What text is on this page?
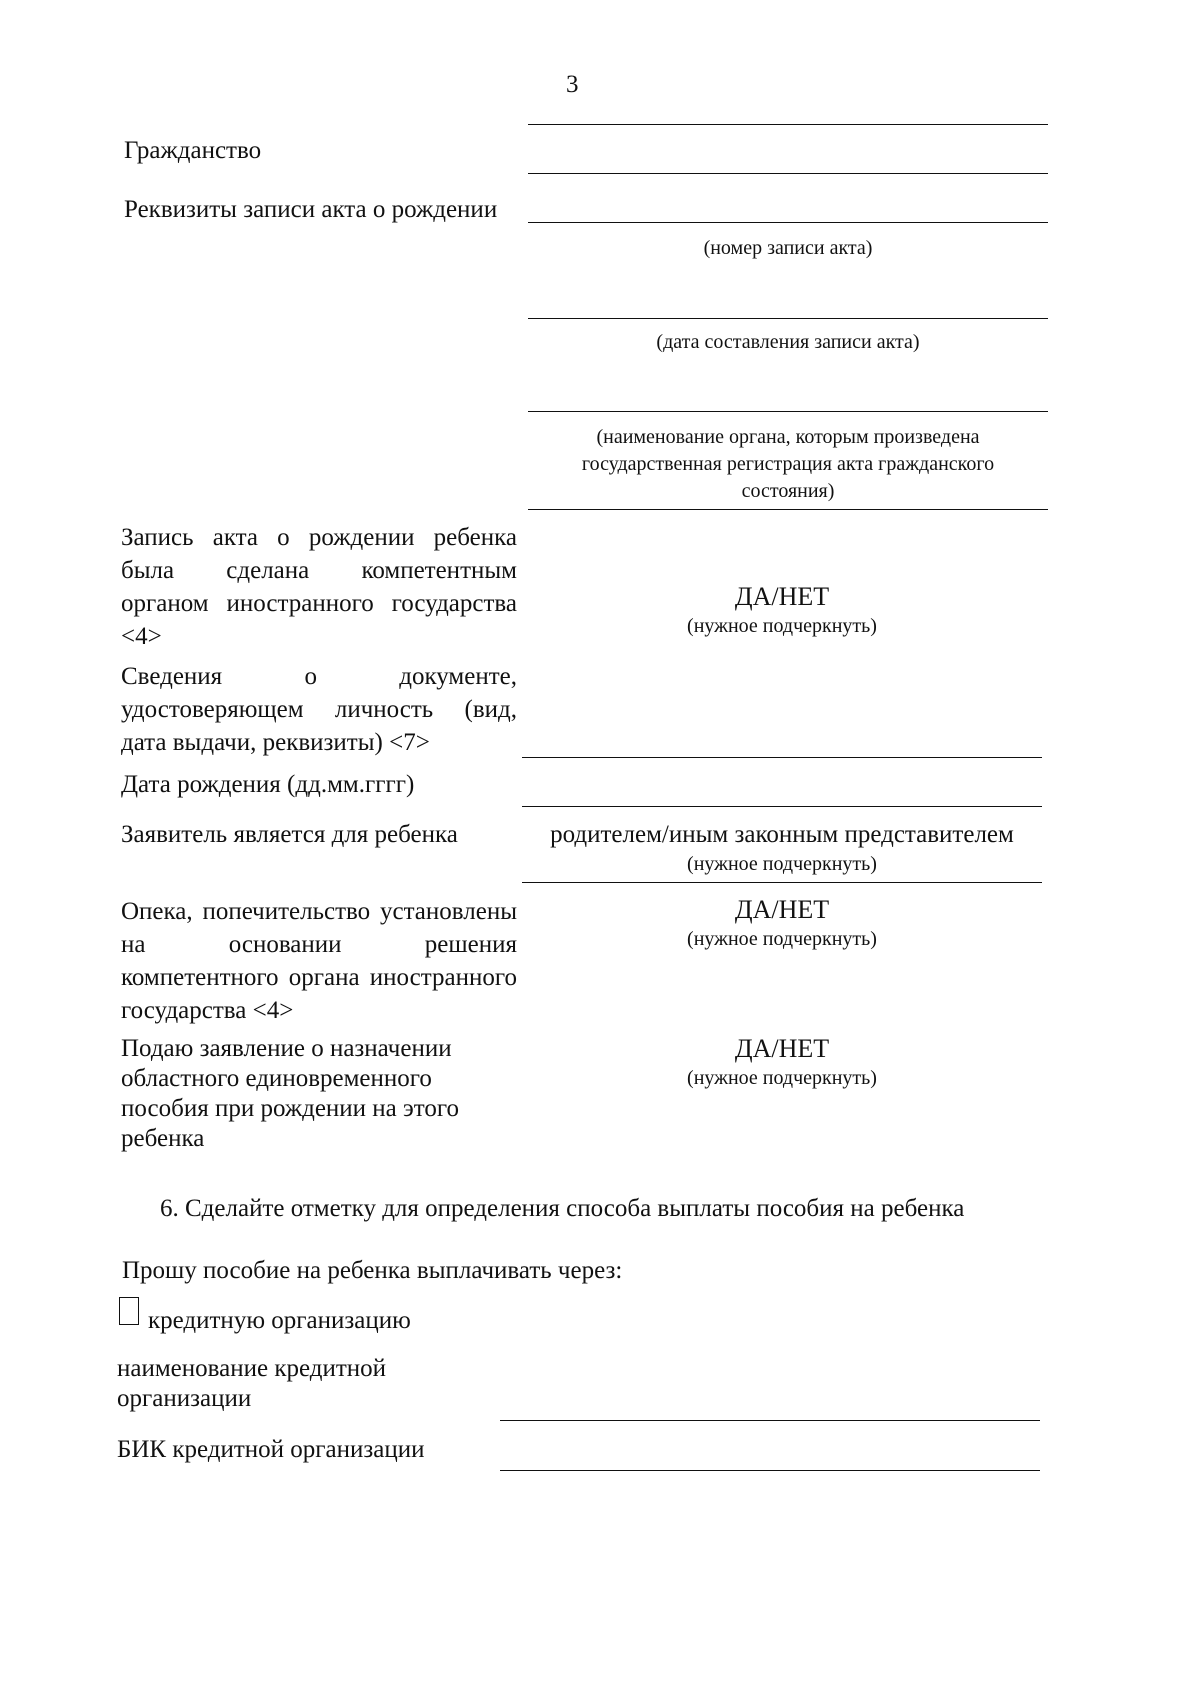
3
Гражданство
Реквизиты записи акта о рождении
(номер записи акта)
(дата составления записи акта)
(наименование органа, которым произведена
государственная регистрация акта гражданского
состояния)
Запись акта о рождении ребенка была сделана компетентным органом иностранного государства <4>
ДА/НЕТ
(нужное подчеркнуть)
Сведения о документе, удостоверяющем личность (вид, дата выдачи, реквизиты) <7>
Дата рождения (дд.мм.гггг)
Заявитель является для ребенка	родителем/иным законным представителем
(нужное подчеркнуть)
Опека, попечительство установлены на основании решения компетентного органа иностранного государства <4>
ДА/НЕТ
(нужное подчеркнуть)
Подаю заявление о назначении
областного единовременного
пособия при рождении на этого
ребенка
ДА/НЕТ
(нужное подчеркнуть)
6. Сделайте отметку для определения способа выплаты пособия на ребенка
Прошу пособие на ребенка выплачивать через:
кредитную организацию
наименование кредитной
организации
БИК кредитной организации
